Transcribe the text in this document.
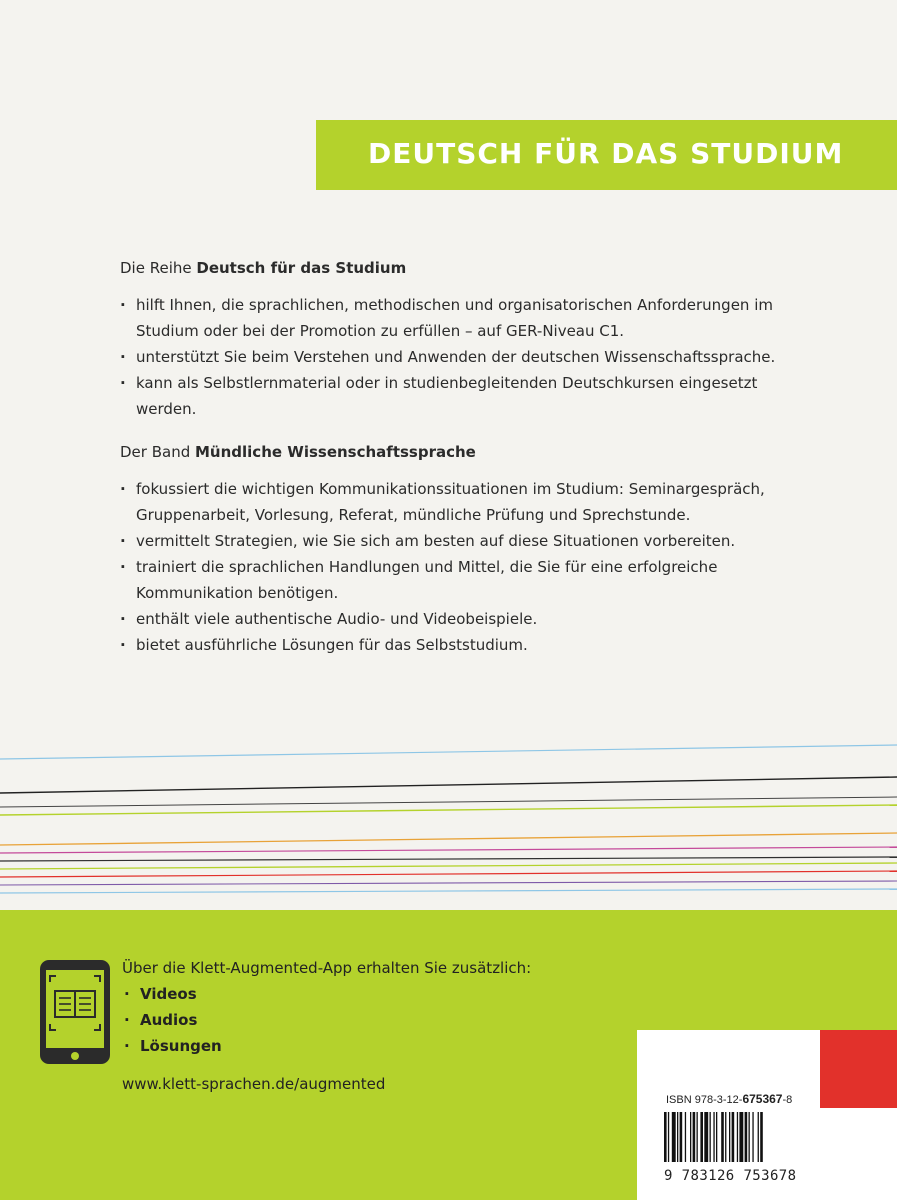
DEUTSCH FÜR DAS STUDIUM
Die Reihe Deutsch für das Studium
· hilft Ihnen, die sprachlichen, methodischen und organisatorischen Anforderungen im Studium oder bei der Promotion zu erfüllen – auf GER-Niveau C1.
· unterstützt Sie beim Verstehen und Anwenden der deutschen Wissenschaftssprache.
· kann als Selbstlernmaterial oder in studienbegleitenden Deutschkursen eingesetzt werden.
Der Band Mündliche Wissenschaftssprache
· fokussiert die wichtigen Kommunikationssituationen im Studium: Seminargespräch, Gruppenarbeit, Vorlesung, Referat, mündliche Prüfung und Sprechstunde.
· vermittelt Strategien, wie Sie sich am besten auf diese Situationen vorbereiten.
· trainiert die sprachlichen Handlungen und Mittel, die Sie für eine erfolgreiche Kommunikation benötigen.
· enthält viele authentische Audio- und Videobeispiele.
· bietet ausführliche Lösungen für das Selbststudium.
Über die Klett-Augmented-App erhalten Sie zusätzlich:
· Videos
· Audios
· Lösungen
www.klett-sprachen.de/augmented
ISBN 978-3-12-675367-8
9 783126 753678
